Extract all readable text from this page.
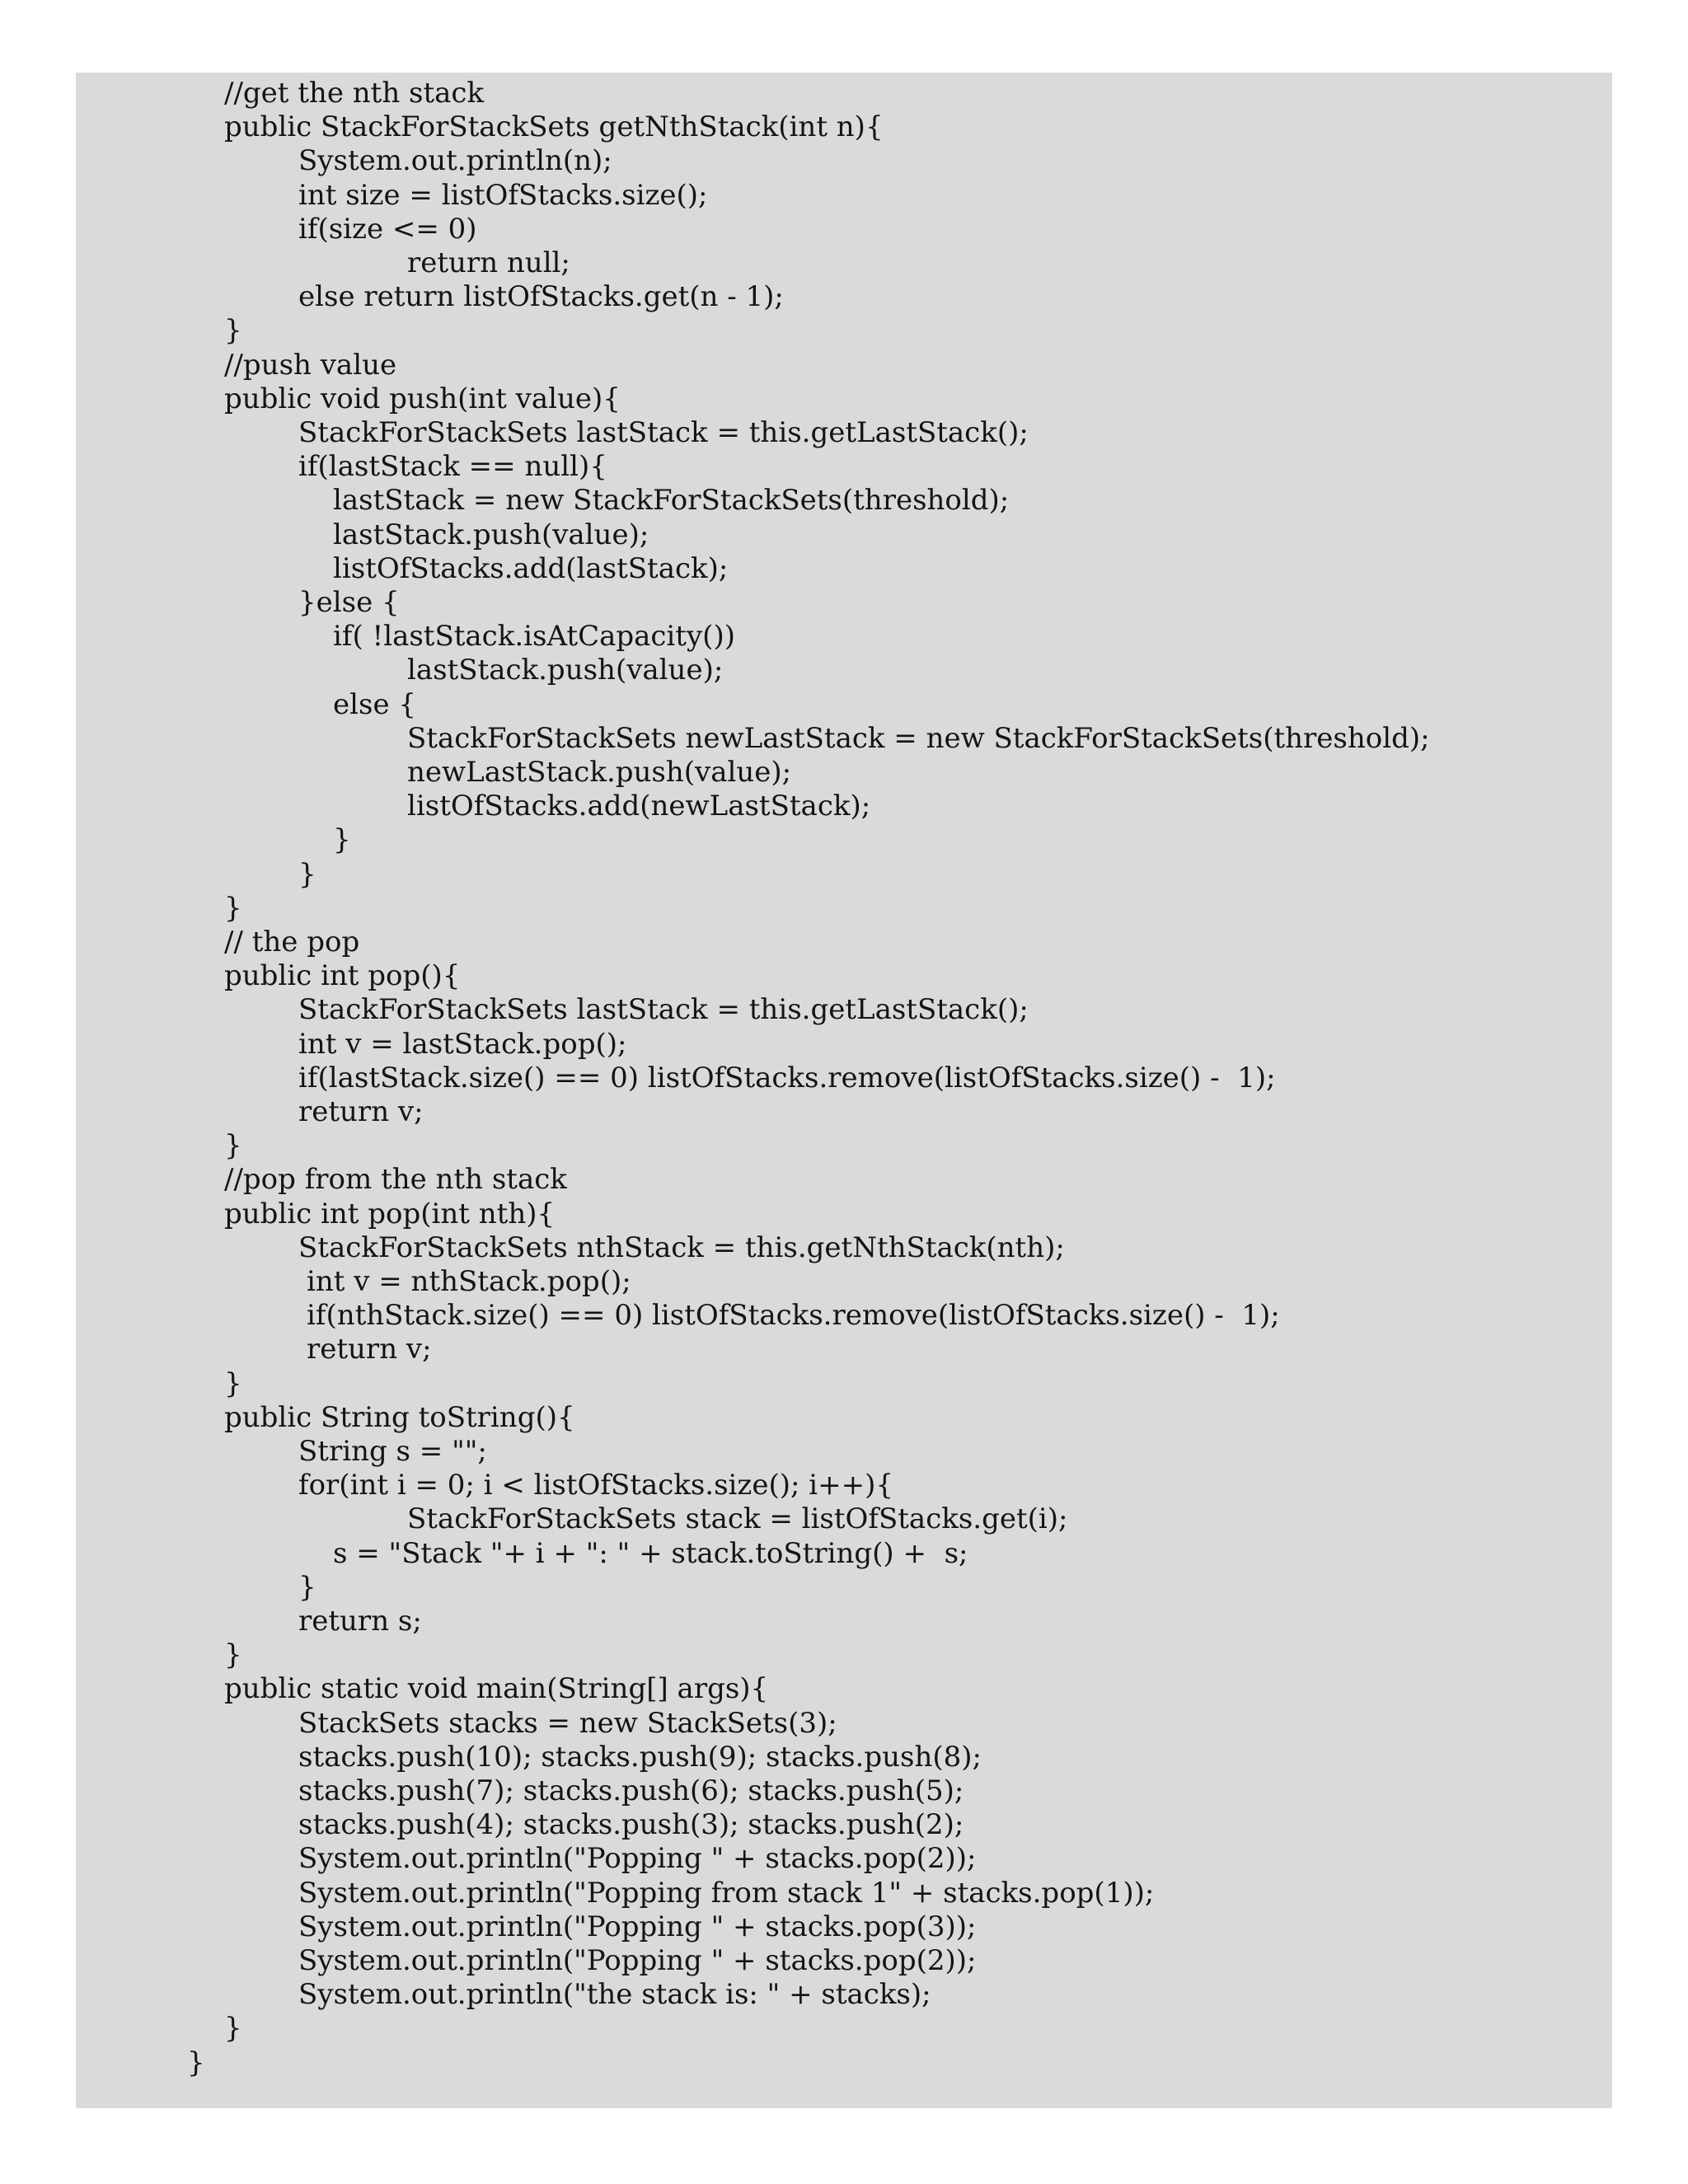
//get the nth stack
public StackForStackSets getNthStack(int n){
System.out.println(n);
int size = listOfStacks.size();
if(size <= 0)
return null;
else return listOfStacks.get(n - 1);
}
//push value
public void push(int value){
StackForStackSets lastStack = this.getLastStack();
if(lastStack == null){
lastStack = new StackForStackSets(threshold);
lastStack.push(value);
listOfStacks.add(lastStack);
}else {
if( !lastStack.isAtCapacity())
lastStack.push(value);
else {
StackForStackSets newLastStack = new StackForStackSets(threshold);
newLastStack.push(value);
listOfStacks.add(newLastStack);
}
}
}
// the pop
public int pop(){
StackForStackSets lastStack = this.getLastStack();
int v = lastStack.pop();
if(lastStack.size() == 0) listOfStacks.remove(listOfStacks.size() -  1);
return v;
}
//pop from the nth stack
public int pop(int nth){
StackForStackSets nthStack = this.getNthStack(nth);
int v = nthStack.pop();
if(nthStack.size() == 0) listOfStacks.remove(listOfStacks.size() -  1);
return v;
}
public String toString(){
String s = "";
for(int i = 0; i < listOfStacks.size(); i++){
StackForStackSets stack = listOfStacks.get(i);
s = "Stack "+ i + ": " + stack.toString() +  s;
}
return s;
}
public static void main(String[] args){
StackSets stacks = new StackSets(3);
stacks.push(10); stacks.push(9); stacks.push(8);
stacks.push(7); stacks.push(6); stacks.push(5);
stacks.push(4); stacks.push(3); stacks.push(2);
System.out.println("Popping " + stacks.pop(2));
System.out.println("Popping from stack 1" + stacks.pop(1));
System.out.println("Popping " + stacks.pop(3));
System.out.println("Popping " + stacks.pop(2));
System.out.println("the stack is: " + stacks);
}
}
